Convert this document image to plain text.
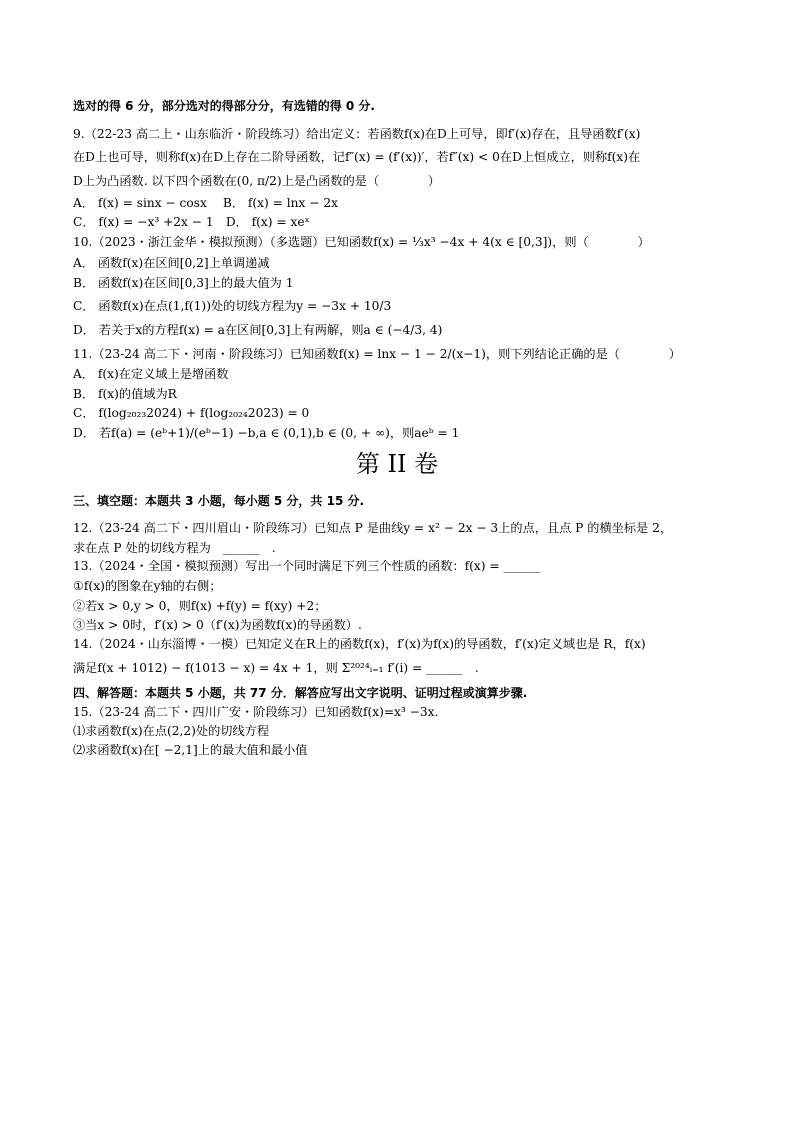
选对的得 6 分，部分选对的得部分分，有选错的得 0 分.
9.（22-23 高二上・山东临沂・阶段练习）给出定义：若函数f(x)在D上可导，即f′(x)存在，且导函数f′(x)
在D上也可导，则称f(x)在D上存在二阶导函数，记f″(x) = (f′(x))′，若f″(x) < 0在D上恒成立，则称f(x)在
D上为凸函数. 以下四个函数在(0, π/2)上是凸函数的是（　　　　）
A． f(x) = sinx − cosx　 B． f(x) = lnx − 2x
C． f(x) = −x³ +2x − 1　D． f(x) = xeˣ
10.（2023・浙江金华・模拟预测）（多选题）已知函数f(x) = ⅓x³ −4x + 4(x ∈ [0,3])，则（　　　　）
A． 函数f(x)在区间[0,2]上单调递减
B． 函数f(x)在区间[0,3]上的最大值为 1
C． 函数f(x)在点(1,f(1))处的切线方程为y = −3x + 10/3
D． 若关于x的方程f(x) = a在区间[0,3]上有两解，则a ∈ (−4/3, 4)
11.（23-24 高二下・河南・阶段练习）已知函数f(x) = lnx − 1 − 2/(x−1)，则下列结论正确的是（　　　　）
A． f(x)在定义域上是增函数
B． f(x)的值域为R
C． f(log₂₀₂₃2024) + f(log₂₀₂₄2023) = 0
D． 若f(a) = (eᵇ+1)/(eᵇ−1) −b,a ∈ (0,1),b ∈ (0, + ∞)，则aeᵇ = 1
第 II 卷
三、填空题：本题共 3 小题，每小题 5 分，共 15 分.
12.（23-24 高二下・四川眉山・阶段练习）已知点 P 是曲线y = x² − 2x − 3上的点，且点 P 的横坐标是 2，
求在点 P 处的切线方程为　______　.
13.（2024・全国・模拟预测）写出一个同时满足下列三个性质的函数：f(x) = ______
①f(x)的图象在y轴的右侧；
②若x > 0,y > 0，则f(x) +f(y) = f(xy) +2；
③当x > 0时，f′(x) > 0（f′(x)为函数f(x)的导函数）.
14.（2024・山东淄博・一模）已知定义在R上的函数f(x)，f′(x)为f(x)的导函数，f′(x)定义域也是 R，f(x)
满足f(x + 1012) − f(1013 − x) = 4x + 1，则 Σ²⁰²⁴ᵢ₌₁ f′(i) = ______　.
四、解答题：本题共 5 小题，共 77 分．解答应写出文字说明、证明过程或演算步骤.
15.（23-24 高二下・四川广安・阶段练习）已知函数f(x)=x³ −3x.
⑴求函数f(x)在点(2,2)处的切线方程
⑵求函数f(x)在[ −2,1]上的最大值和最小值
